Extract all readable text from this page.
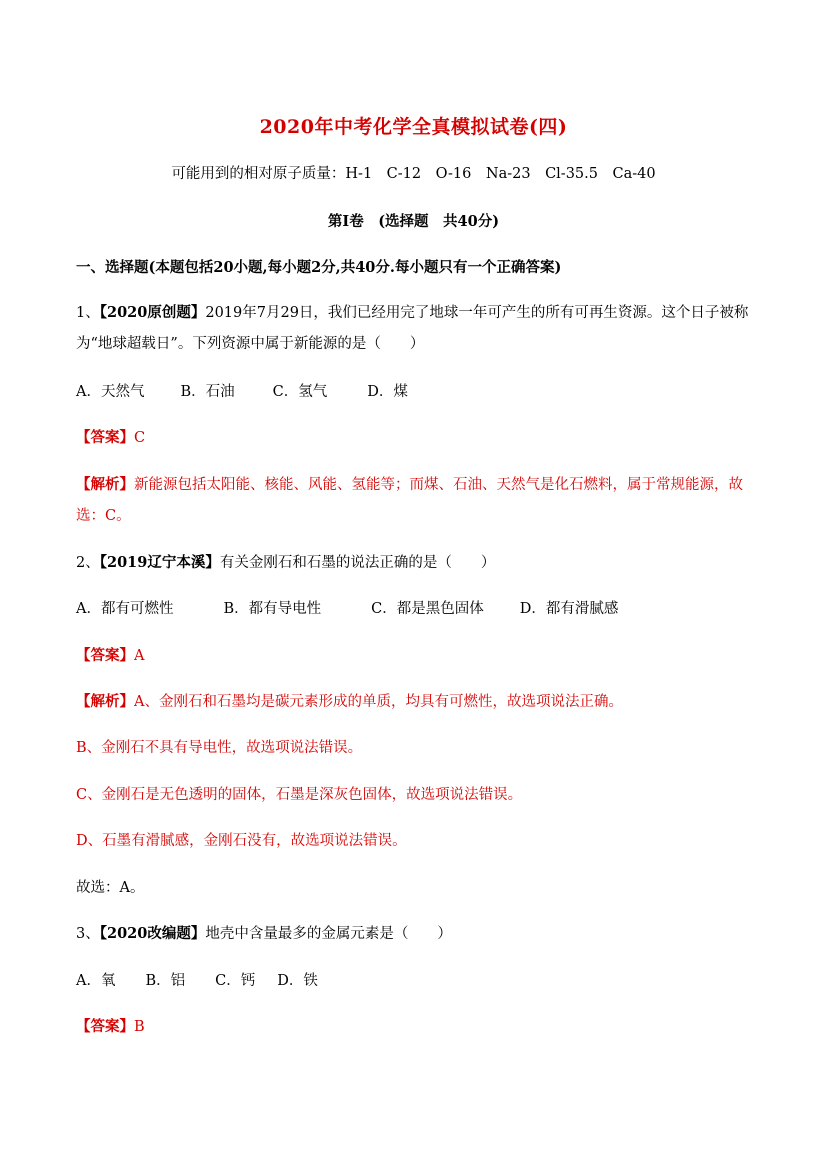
2020年中考化学全真模拟试卷(四)
可能用到的相对原子质量：H-1　C-12　O-16　Na-23　Cl-35.5　Ca-40
第Ⅰ卷　(选择题　共40分)
一、选择题(本题包括20小题,每小题2分,共40分.每小题只有一个正确答案)
1、【2020原创题】2019年7月29日，我们已经用完了地球一年可产生的所有可再生资源。这个日子被称
为“地球超载日”。下列资源中属于新能源的是（　　）
A．天然气 B．石油	C．氢气	D．煤
【答案】C
【解析】新能源包括太阳能、核能、风能、氢能等；而煤、石油、天然气是化石燃料，属于常规能源，故
选：C。
2、【2019辽宁本溪】有关金刚石和石墨的说法正确的是（　　）
A．都有可燃性	B．都有导电性	C．都是黑色固体 D．都有滑腻感
【答案】A
【解析】A、金刚石和石墨均是碳元素形成的单质，均具有可燃性，故选项说法正确。
B、金刚石不具有导电性，故选项说法错误。
C、金刚石是无色透明的固体，石墨是深灰色固体，故选项说法错误。
D、石墨有滑腻感，金刚石没有，故选项说法错误。
故选：A。
3、【2020改编题】地壳中含量最多的金属元素是（　　）
A．氧 B．铝 C．钙 D．铁
【答案】B
